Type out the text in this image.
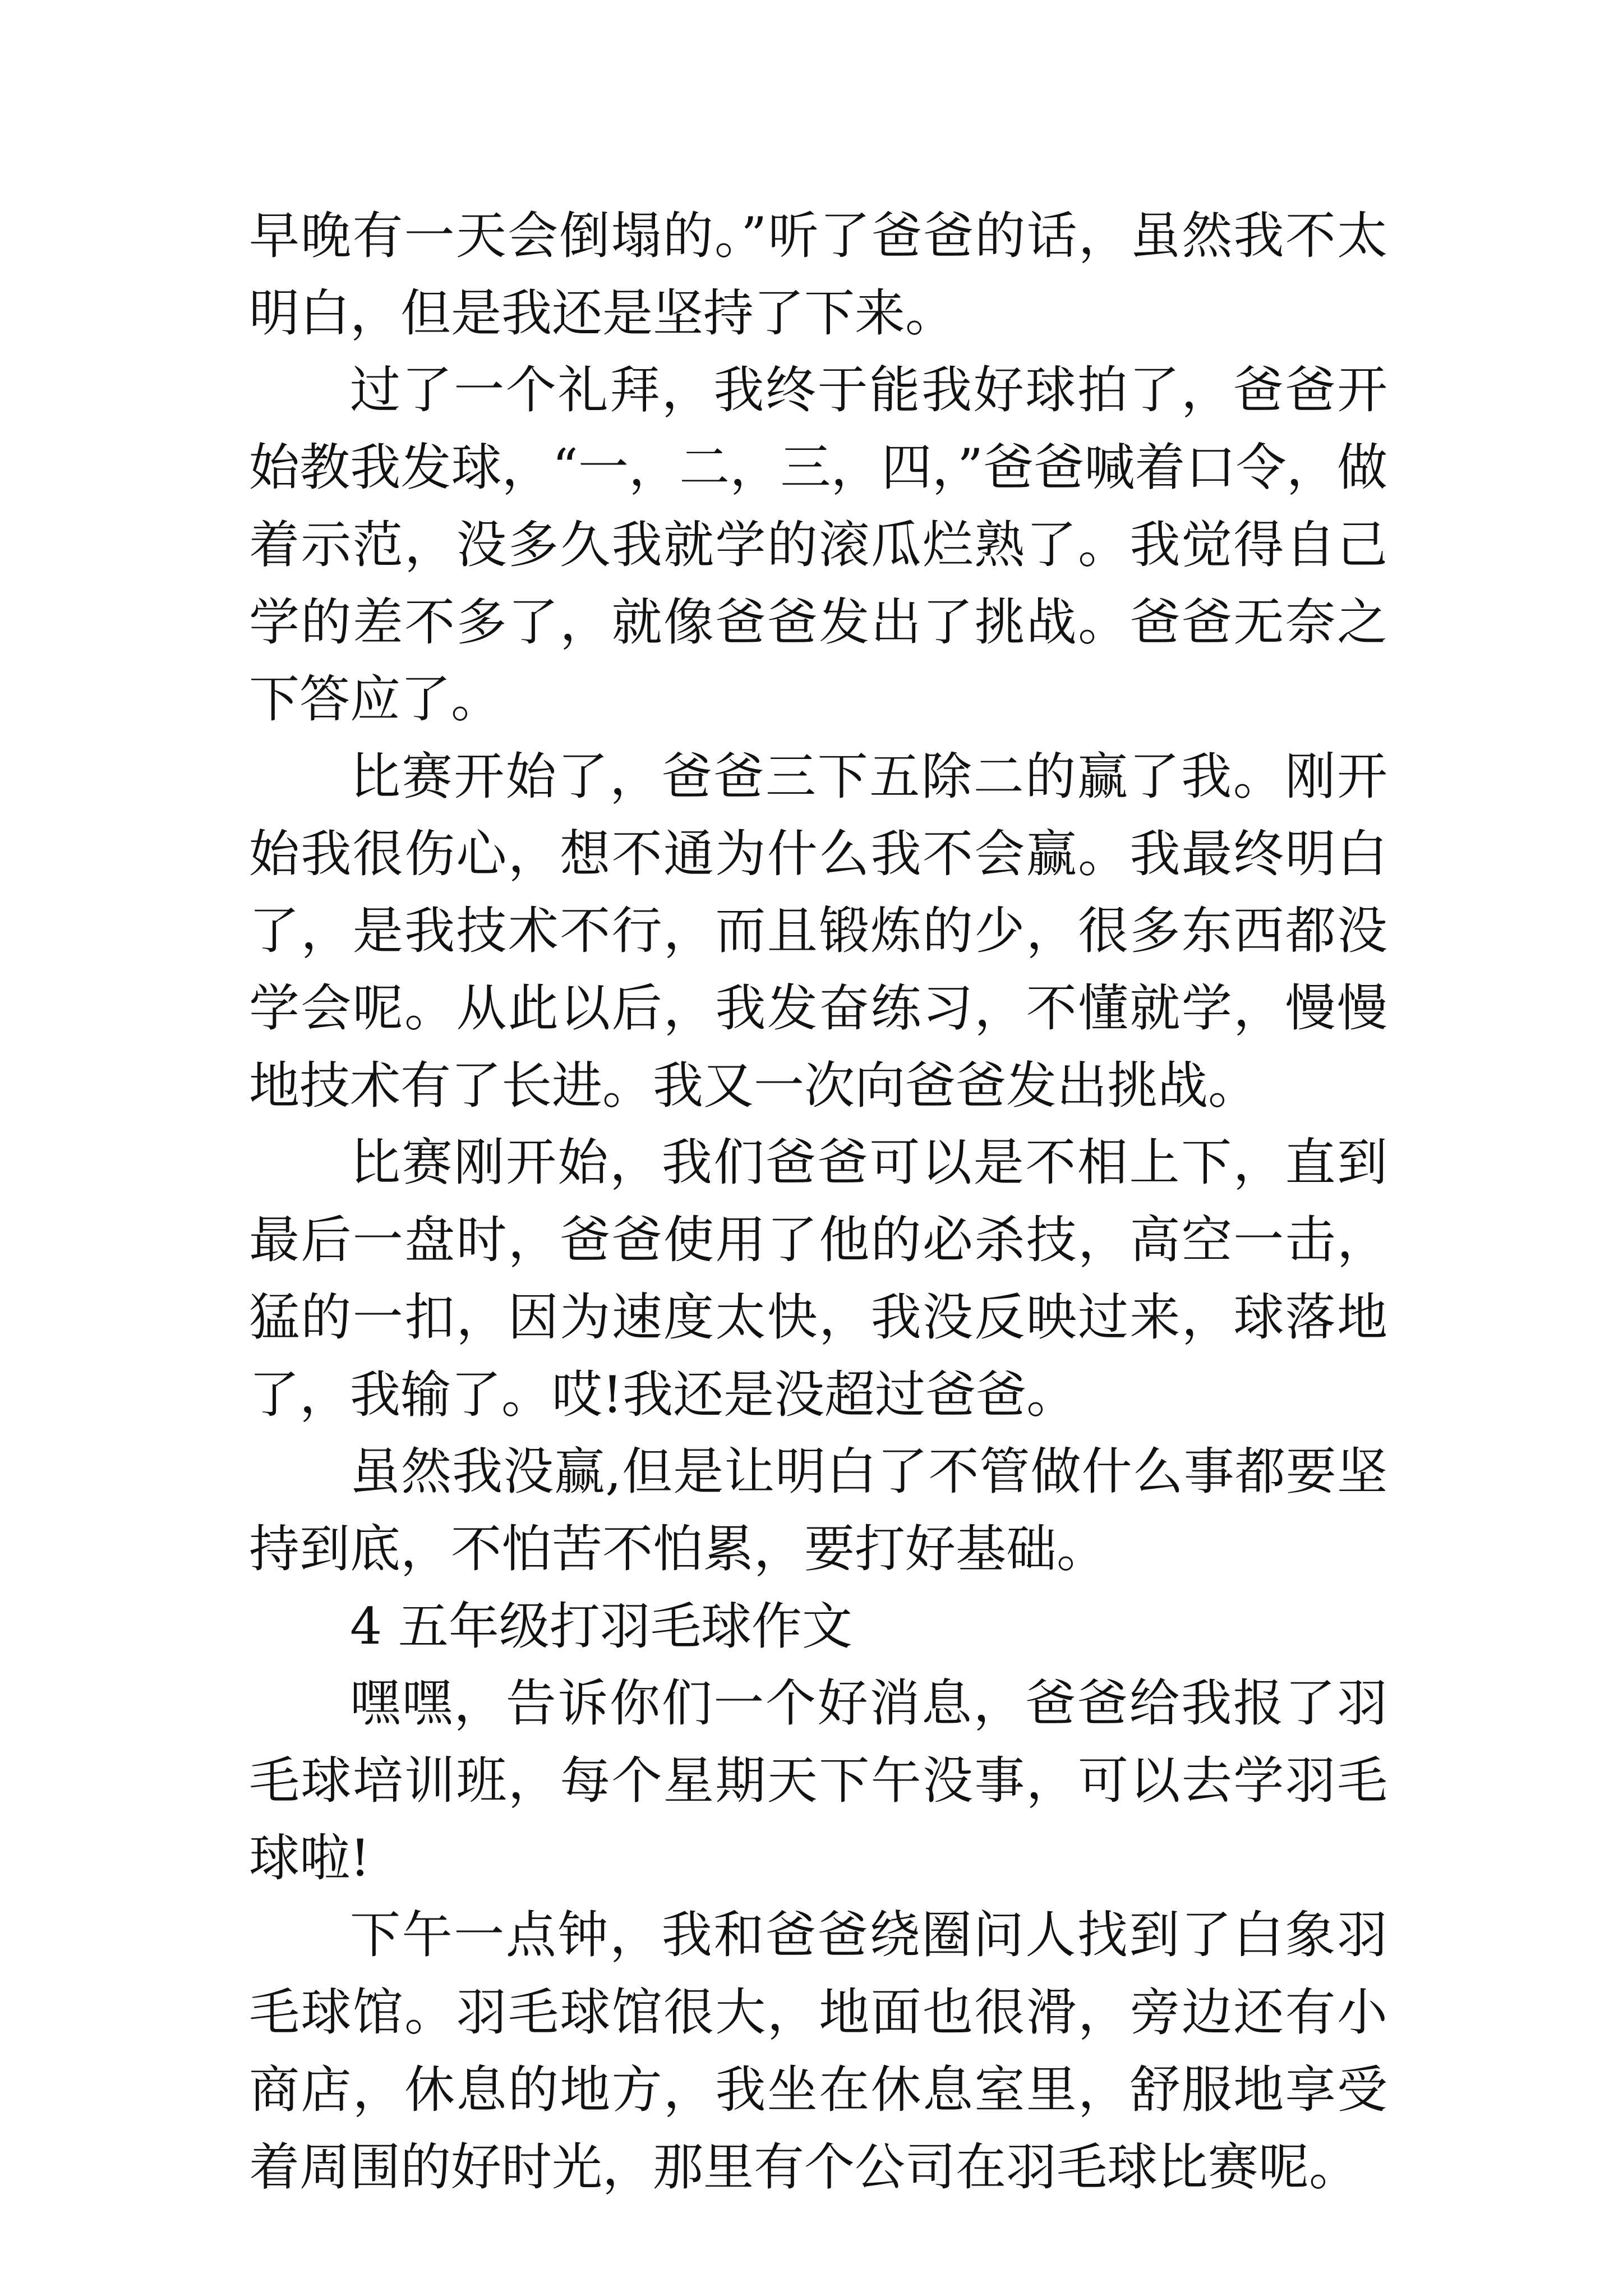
早晚有一天会倒塌的。”听了爸爸的话，虽然我不太明白，但是我还是坚持了下来。

过了一个礼拜，我终于能我好球拍了，爸爸开始教我发球，“一，二，三，四，”爸爸喊着口令，做着示范，没多久我就学的滚瓜烂熟了。我觉得自己学的差不多了，就像爸爸发出了挑战。爸爸无奈之下答应了。

比赛开始了，爸爸三下五除二的赢了我。刚开始我很伤心，想不通为什么我不会赢。我最终明白了，是我技术不行，而且锻炼的少，很多东西都没学会呢。从此以后，我发奋练习，不懂就学，慢慢地技术有了长进。我又一次向爸爸发出挑战。

比赛刚开始，我们爸爸可以是不相上下，直到最后一盘时，爸爸使用了他的必杀技，高空一击，猛的一扣，因为速度太快，我没反映过来，球落地了，我输了。哎!我还是没超过爸爸。

虽然我没赢,但是让明白了不管做什么事都要坚持到底，不怕苦不怕累，要打好基础。

4 五年级打羽毛球作文

嘿嘿，告诉你们一个好消息，爸爸给我报了羽毛球培训班，每个星期天下午没事，可以去学羽毛球啦!

下午一点钟，我和爸爸绕圈问人找到了白象羽毛球馆。羽毛球馆很大，地面也很滑，旁边还有小商店，休息的地方，我坐在休息室里，舒服地享受着周围的好时光，那里有个公司在羽毛球比赛呢。
